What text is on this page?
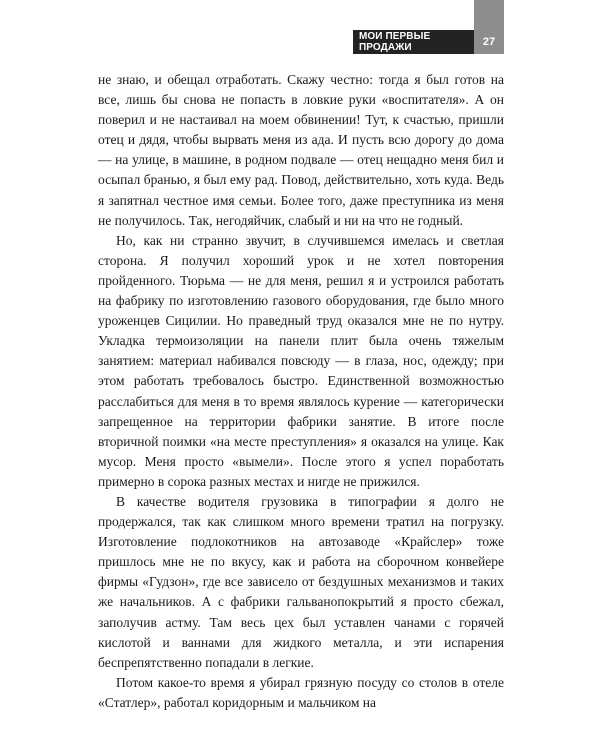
МОИ ПЕРВЫЕ ПРОДАЖИ	27

не знаю, и обещал отработать. Скажу честно: тогда я был готов на все, лишь бы снова не попасть в ловкие руки «воспитателя». А он поверил и не настаивал на моем обвинении! Тут, к счастью, пришли отец и дядя, чтобы вырвать меня из ада. И пусть всю дорогу до дома — на улице, в машине, в родном подвале — отец нещадно меня бил и осыпал бранью, я был ему рад. Повод, действительно, хоть куда. Ведь я запятнал честное имя семьи. Более того, даже преступника из меня не получилось. Так, негодяйчик, слабый и ни на что не годный.

Но, как ни странно звучит, в случившемся имелась и светлая сторона. Я получил хороший урок и не хотел повторения пройденного. Тюрьма — не для меня, решил я и устроился работать на фабрику по изготовлению газового оборудования, где было много уроженцев Сицилии. Но праведный труд оказался мне не по нутру. Укладка термоизоляции на панели плит была очень тяжелым занятием: материал набивался повсюду — в глаза, нос, одежду; при этом работать требовалось быстро. Единственной возможностью расслабиться для меня в то время являлось курение — категорически запрещенное на территории фабрики занятие. В итоге после вторичной поимки «на месте преступления» я оказался на улице. Как мусор. Меня просто «вымели». После этого я успел поработать примерно в сорока разных местах и нигде не прижился.

В качестве водителя грузовика в типографии я долго не продержался, так как слишком много времени тратил на погрузку. Изготовление подлокотников на автозаводе «Крайслер» тоже пришлось мне не по вкусу, как и работа на сборочном конвейере фирмы «Гудзон», где все зависело от бездушных механизмов и таких же начальников. А с фабрики гальванопокрытий я просто сбежал, заполучив астму. Там весь цех был уставлен чанами с горячей кислотой и ваннами для жидкого металла, и эти испарения беспрепятственно попадали в легкие.

Потом какое-то время я убирал грязную посуду со столов в отеле «Статлер», работал коридорным и мальчиком на
